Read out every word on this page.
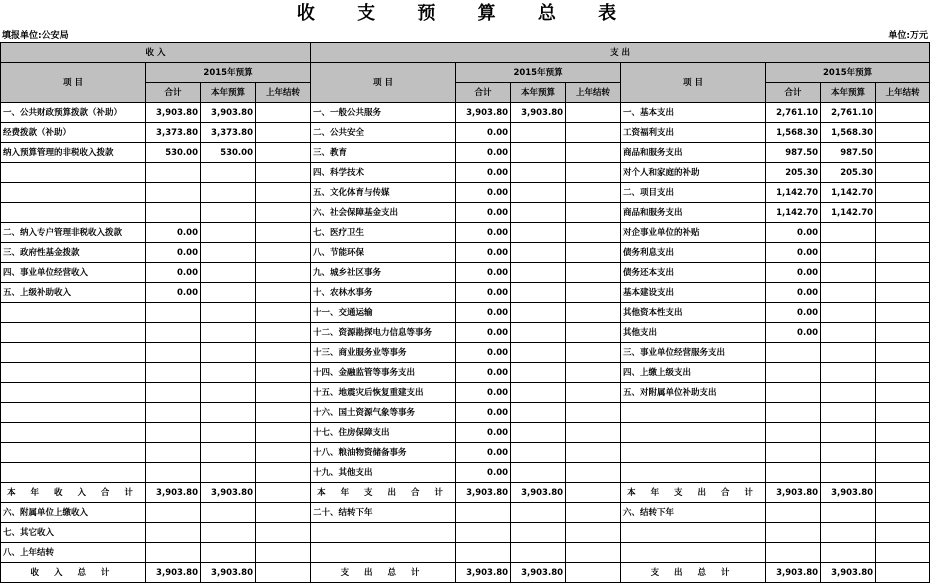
收 支 预 算 总 表
填报单位:公安局	单位:万元
收 入				支 出							
项 目	2015年预算			项 目	2015年预算			项 目	2015年预算		
	合计	本年预算	上年结转		合计	本年预算	上年结转		合计	本年预算	上年结转
一、公共财政预算拨款（补助）	3,903.80	3,903.80		一、一般公共服务	3,903.80	3,903.80		一、基本支出	2,761.10	2,761.10	
经费拨款（补助）	3,373.80	3,373.80		二、公共安全	0.00			工资福利支出	1,568.30	1,568.30	
纳入预算管理的非税收入拨款	530.00	530.00		三、教育	0.00			商品和服务支出	987.50	987.50	
				四、科学技术	0.00			对个人和家庭的补助	205.30	205.30	
				五、文化体育与传媒	0.00			二、项目支出	1,142.70	1,142.70	
				六、社会保障基金支出	0.00			商品和服务支出	1,142.70	1,142.70	
二、纳入专户管理非税收入拨款	0.00			七、医疗卫生	0.00			对企事业单位的补贴	0.00		
三、政府性基金拨款	0.00			八、节能环保	0.00			债务利息支出	0.00		
四、事业单位经营收入	0.00			九、城乡社区事务	0.00			债务还本支出	0.00		
五、上级补助收入	0.00			十、农林水事务	0.00			基本建设支出	0.00		
				十一、交通运输	0.00			其他资本性支出	0.00		
				十二、资源勘探电力信息等事务	0.00			其他支出	0.00		
				十三、商业服务业等事务	0.00			三、事业单位经营服务支出			
				十四、金融监管等事务支出	0.00			四、上缴上级支出			
				十五、地震灾后恢复重建支出	0.00			五、对附属单位补助支出			
				十六、国土资源气象等事务	0.00						
				十七、住房保障支出	0.00						
				十八、粮油物资储备事务	0.00						
				十九、其他支出	0.00						
本 年 收 入 合 计	3,903.80	3,903.80		本 年 支 出 合 计	3,903.80	3,903.80		本 年 支 出 合 计	3,903.80	3,903.80	
六、附属单位上缴收入				二十、结转下年				六、结转下年			
七、其它收入											
八、上年结转											
收 入 总 计	3,903.80	3,903.80		支 出 总 计	3,903.80	3,903.80		支 出 总 计	3,903.80	3,903.80	
